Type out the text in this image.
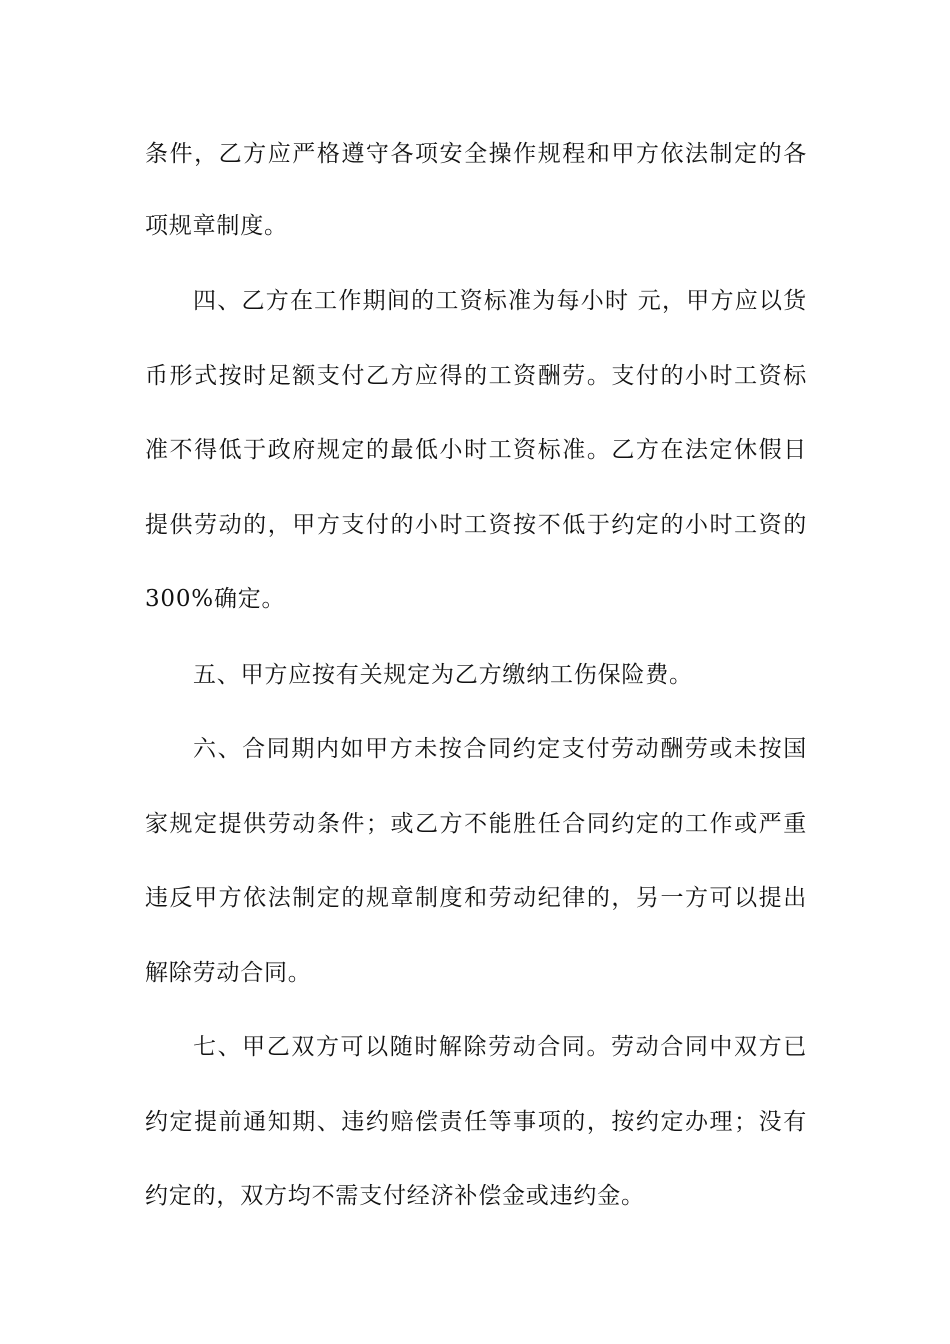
条件，乙方应严格遵守各项安全操作规程和甲方依法制定的各
项规章制度。
四、乙方在工作期间的工资标准为每小时 元，甲方应以货
币形式按时足额支付乙方应得的工资酬劳。支付的小时工资标
准不得低于政府规定的最低小时工资标准。乙方在法定休假日
提供劳动的，甲方支付的小时工资按不低于约定的小时工资的
300%确定。
五、甲方应按有关规定为乙方缴纳工伤保险费。
六、合同期内如甲方未按合同约定支付劳动酬劳或未按国
家规定提供劳动条件；或乙方不能胜任合同约定的工作或严重
违反甲方依法制定的规章制度和劳动纪律的，另一方可以提出
解除劳动合同。
七、甲乙双方可以随时解除劳动合同。劳动合同中双方已
约定提前通知期、违约赔偿责任等事项的，按约定办理；没有
约定的，双方均不需支付经济补偿金或违约金。
